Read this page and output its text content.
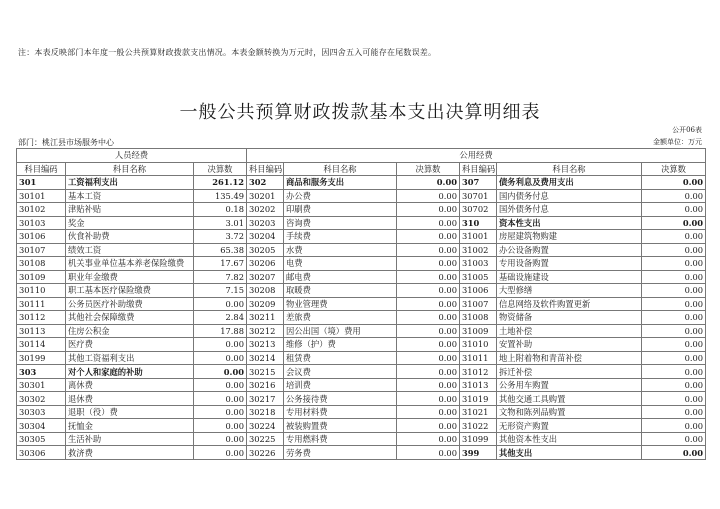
注：本表反映部门本年度一般公共预算财政拨款支出情况。本表金额转换为万元时，因四舍五入可能存在尾数误差。
一般公共预算财政拨款基本支出决算明细表
公开06表
部门：桃江县市场服务中心	金额单位：万元
人员经费			公用经费					
科目编码	科目名称	决算数	科目编码	科目名称	决算数	科目编码	科目名称	决算数
301	工资福利支出	261.12	302	商品和服务支出	0.00	307	债务利息及费用支出	0.00
30101	基本工资	135.49	30201	办公费	0.00	30701	国内债务付息	0.00
30102	津贴补贴	0.18	30202	印刷费	0.00	30702	国外债务付息	0.00
30103	奖金	3.01	30203	咨询费	0.00	310	资本性支出	0.00
30106	伙食补助费	3.72	30204	手续费	0.00	31001	房屋建筑物购建	0.00
30107	绩效工资	65.38	30205	水费	0.00	31002	办公设备购置	0.00
30108	机关事业单位基本养老保险缴费	17.67	30206	电费	0.00	31003	专用设备购置	0.00
30109	职业年金缴费	7.82	30207	邮电费	0.00	31005	基础设施建设	0.00
30110	职工基本医疗保险缴费	7.15	30208	取暖费	0.00	31006	大型修缮	0.00
30111	公务员医疗补助缴费	0.00	30209	物业管理费	0.00	31007	信息网络及软件购置更新	0.00
30112	其他社会保障缴费	2.84	30211	差旅费	0.00	31008	物资储备	0.00
30113	住房公积金	17.88	30212	因公出国（境）费用	0.00	31009	土地补偿	0.00
30114	医疗费	0.00	30213	维修（护）费	0.00	31010	安置补助	0.00
30199	其他工资福利支出	0.00	30214	租赁费	0.00	31011	地上附着物和青苗补偿	0.00
303	对个人和家庭的补助	0.00	30215	会议费	0.00	31012	拆迁补偿	0.00
30301	离休费	0.00	30216	培训费	0.00	31013	公务用车购置	0.00
30302	退休费	0.00	30217	公务接待费	0.00	31019	其他交通工具购置	0.00
30303	退职（役）费	0.00	30218	专用材料费	0.00	31021	文物和陈列品购置	0.00
30304	抚恤金	0.00	30224	被装购置费	0.00	31022	无形资产购置	0.00
30305	生活补助	0.00	30225	专用燃料费	0.00	31099	其他资本性支出	0.00
30306	救济费	0.00	30226	劳务费	0.00	399	其他支出	0.00
